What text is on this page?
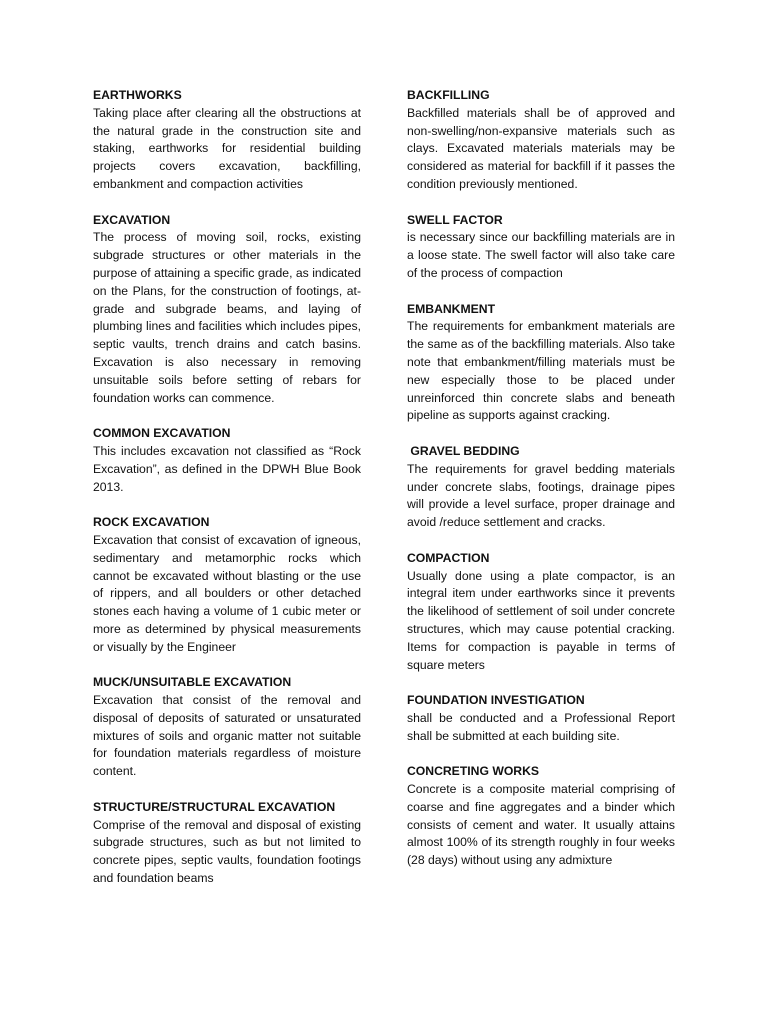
EARTHWORKS

Taking place after clearing all the obstructions at the natural grade in the construction site and staking, earthworks for residential building projects covers excavation, backfilling, embankment and compaction activities

EXCAVATION

The process of moving soil, rocks, existing subgrade structures or other materials in the purpose of attaining a specific grade, as indicated on the Plans, for the construction of footings, at-grade and subgrade beams, and laying of plumbing lines and facilities which includes pipes, septic vaults, trench drains and catch basins. Excavation is also necessary in removing unsuitable soils before setting of rebars for foundation works can commence.

COMMON EXCAVATION

This includes excavation not classified as “Rock Excavation”, as defined in the DPWH Blue Book 2013.

ROCK EXCAVATION

Excavation that consist of excavation of igneous, sedimentary and metamorphic rocks which cannot be excavated without blasting or the use of rippers, and all boulders or other detached stones each having a volume of 1 cubic meter or more as determined by physical measurements or visually by the Engineer

MUCK/UNSUITABLE EXCAVATION

Excavation that consist of the removal and disposal of deposits of saturated or unsaturated mixtures of soils and organic matter not suitable for foundation materials regardless of moisture content.

STRUCTURE/STRUCTURAL EXCAVATION

Comprise of the removal and disposal of existing subgrade structures, such as but not limited to concrete pipes, septic vaults, foundation footings and foundation beams

BACKFILLING

Backfilled materials shall be of approved and non-swelling/non-expansive materials such as clays. Excavated materials materials may be considered as material for backfill if it passes the condition previously mentioned.

SWELL FACTOR

is necessary since our backfilling materials are in a loose state. The swell factor will also take care of the process of compaction

EMBANKMENT

The requirements for embankment materials are the same as of the backfilling materials. Also take note that embankment/filling materials must be new especially those to be placed under unreinforced thin concrete slabs and beneath pipeline as supports against cracking.

GRAVEL BEDDING

The requirements for gravel bedding materials under concrete slabs, footings, drainage pipes will provide a level surface, proper drainage and avoid /reduce settlement and cracks.

COMPACTION

Usually done using a plate compactor, is an integral item under earthworks since it prevents the likelihood of settlement of soil under concrete structures, which may cause potential cracking. Items for compaction is payable in terms of square meters

FOUNDATION INVESTIGATION

shall be conducted and a Professional Report shall be submitted at each building site.

CONCRETING WORKS

Concrete is a composite material comprising of coarse and fine aggregates and a binder which consists of cement and water. It usually attains almost 100% of its strength roughly in four weeks (28 days) without using any admixture
